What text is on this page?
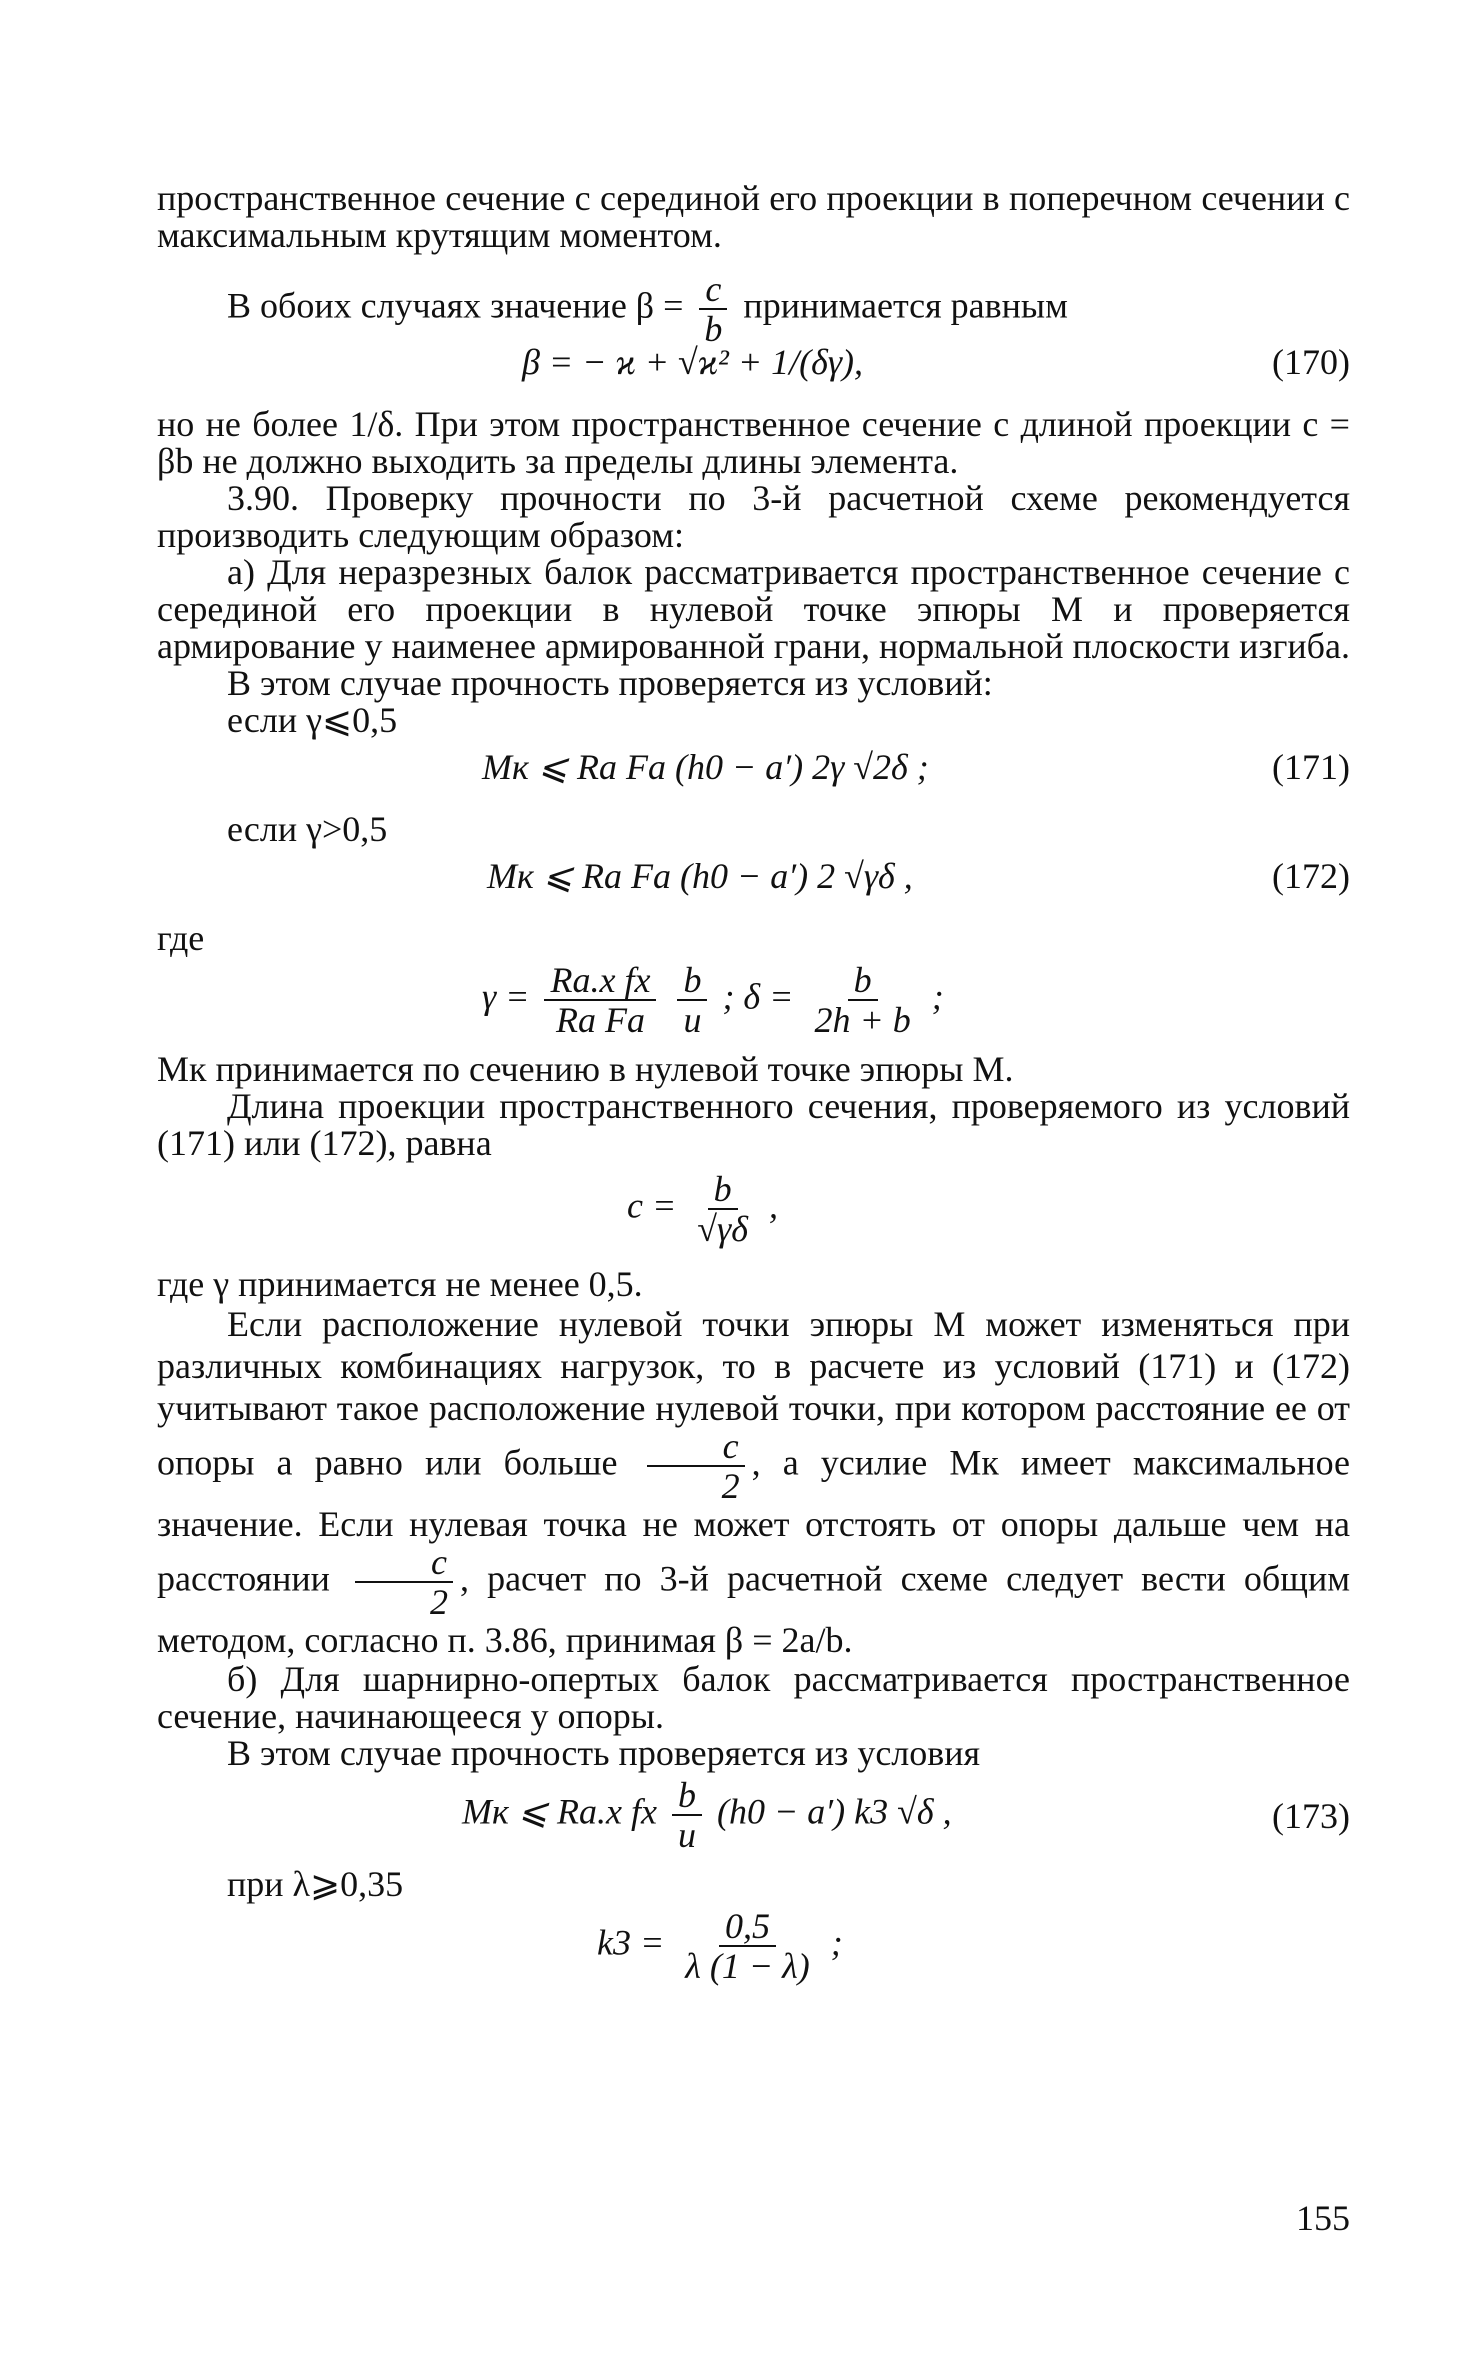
пространственное сечение с серединой его проекции в поперечном сечении с максимальным крутящим моментом.

В обоих случаях значение $\beta = \frac{c}{b}$ принимается равным
β = − ϰ + √ϰ² + 1/(δγ),	(170)

но не более 1/δ. При этом пространственное сечение с длиной проекции c = βb не должно выходить за пределы длины элемента.

3.90. Проверку прочности по 3-й расчетной схеме рекомендуется производить следующим образом:

а) Для неразрезных балок рассматривается пространственное сечение с серединой его проекции в нулевой точке эпюры M и проверяется армирование у наименее армированной грани, нормальной плоскости изгиба.

В этом случае прочность проверяется из условий:

если γ⩽0,5

Mк ⩽ Ra Fa (h0 − a′) 2γ √2δ ;	(171)

если γ>0,5

Mк ⩽ Ra Fa (h0 − a′) 2 √γδ ,	(172)

где

$\gamma = \frac{\text{Ra.x fx}}{\text{Ra Fa}}$
$\frac{b}{u}$ ; $\delta = \frac{b}{2h + b}$ ;

Mк принимается по сечению в нулевой точке эпюры M.

Длина проекции пространственного сечения, проверяемого из условий (171) или (172), равна

$c = \frac{b}{√\gamma\delta}$ ,

где γ принимается не менее 0,5.

Если расположение нулевой точки эпюры M может изменяться при различных комбинациях нагрузок, то в расчете из условий (171) и (172) учитывают такое расположение нулевой точки, при котором расстояние ее от опоры a равно или больше $\frac{c}{2}$ , а усилие Mк имеет максимальное значение. Если нулевая точка не может отстоять от опоры дальше чем на расстоянии $\frac{c}{2}$ , расчет по 3-й расчетной схеме следует вести общим методом, согласно п. 3.86, принимая β = 2a/b.

б) Для шарнирно-опертых балок рассматривается пространственное сечение, начинающееся у опоры.

В этом случае прочность проверяется из условия

Mк ⩽ Ra.x fx $\frac{b}{u} (h0 - a')$ k3 √δ ,	(173)

при λ⩾0,35

$k3 = \frac{0,5}{\lambda (1 - \lambda)}$ ;
155
